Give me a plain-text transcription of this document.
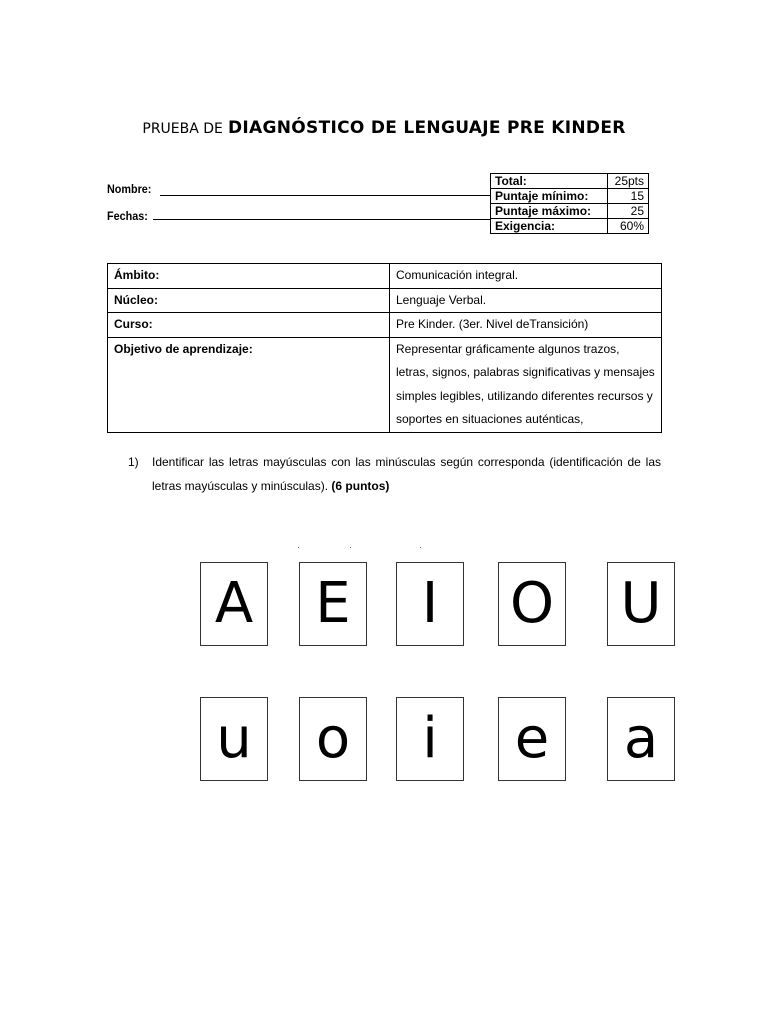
PRUEBA DE DIAGNÓSTICO DE LENGUAJE PRE KINDER
Nombre:
Fechas:
Total:	25pts
Puntaje mínimo:	15
Puntaje máximo:	25
Exigencia:	60%
Ámbito:	Comunicación integral.
Núcleo:	Lenguaje Verbal.
Curso:	Pre Kinder. (3er. Nivel deTransición)
Objetivo de aprendizaje:	Representar gráficamente algunos trazos, letras, signos, palabras significativas y mensajes simples legibles, utilizando diferentes recursos y soportes en situaciones auténticas,
1) Identificar las letras mayúsculas con las minúsculas según corresponda (identificación de las letras mayúsculas y minúsculas). (6 puntos)
A E	I	O U
u	o	i	e	a
